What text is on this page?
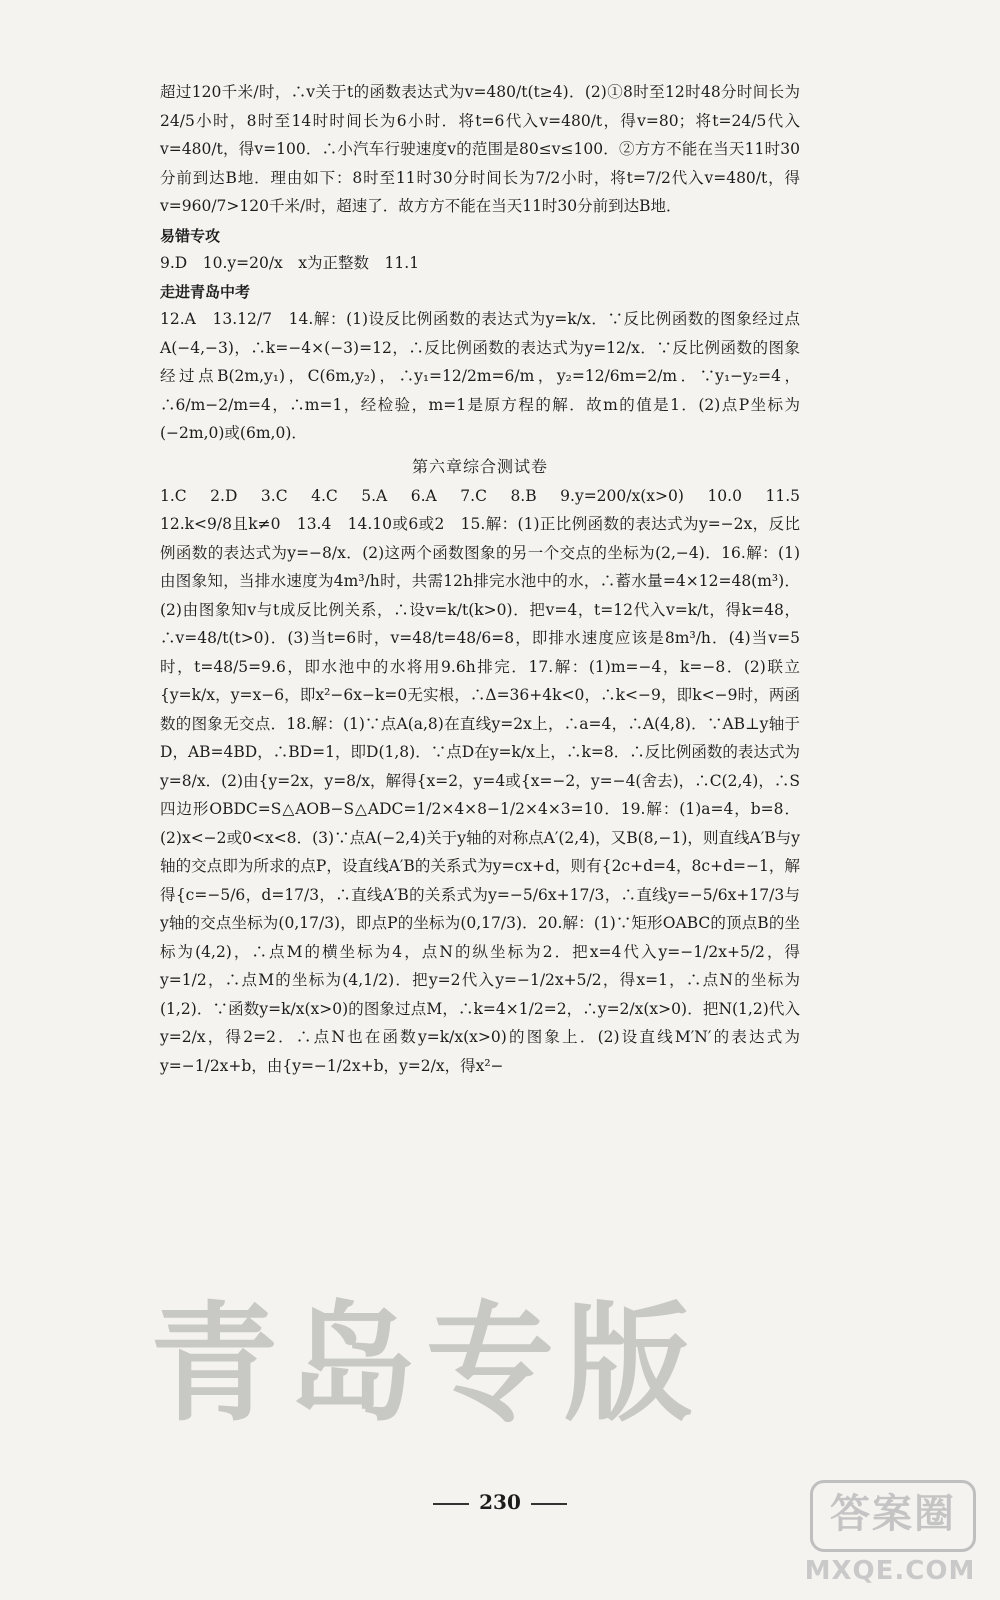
超过120千米/时，∴v关于t的函数表达式为v=480/t(t≥4)．(2)①8时至12时48分时间长为24/5小时，8时至14时时间长为6小时．将t=6代入v=480/t，得v=80；将t=24/5代入v=480/t，得v=100．∴小汽车行驶速度v的范围是80≤v≤100．②方方不能在当天11时30分前到达B地．理由如下：8时至11时30分时间长为7/2小时，将t=7/2代入v=480/t，得v=960/7>120千米/时，超速了．故方方不能在当天11时30分前到达B地．

易错专攻

9.D　10.y=20/x　x为正整数　11.1

走进青岛中考

12.A　13.12/7　14.解：(1)设反比例函数的表达式为y=k/x．∵反比例函数的图象经过点A(−4,−3)，∴k=−4×(−3)=12，∴反比例函数的表达式为y=12/x．∵反比例函数的图象经过点B(2m,y₁)，C(6m,y₂)，∴y₁=12/2m=6/m，y₂=12/6m=2/m．∵y₁−y₂=4，∴6/m−2/m=4，∴m=1，经检验，m=1是原方程的解．故m的值是1．(2)点P坐标为(−2m,0)或(6m,0)．

第六章综合测试卷

1.C　2.D　3.C　4.C　5.A　6.A　7.C　8.B　9.y=200/x(x>0)　10.0　11.5　12.k<9/8且k≠0　13.4　14.10或6或2　15.解：(1)正比例函数的表达式为y=−2x，反比例函数的表达式为y=−8/x．(2)这两个函数图象的另一个交点的坐标为(2,−4)．16.解：(1)由图象知，当排水速度为4m³/h时，共需12h排完水池中的水，∴蓄水量=4×12=48(m³)．(2)由图象知v与t成反比例关系，∴设v=k/t(k>0)．把v=4，t=12代入v=k/t，得k=48，∴v=48/t(t>0)．(3)当t=6时，v=48/t=48/6=8，即排水速度应该是8m³/h．(4)当v=5时，t=48/5=9.6，即水池中的水将用9.6h排完．17.解：(1)m=−4，k=−8．(2)联立{y=k/x，y=x−6，即x²−6x−k=0无实根，∴Δ=36+4k<0，∴k<−9，即k<−9时，两函数的图象无交点．18.解：(1)∵点A(a,8)在直线y=2x上，∴a=4，∴A(4,8)．∵AB⊥y轴于D，AB=4BD，∴BD=1，即D(1,8)．∵点D在y=k/x上，∴k=8．∴反比例函数的表达式为y=8/x．(2)由{y=2x，y=8/x，解得{x=2，y=4或{x=−2，y=−4(舍去)，∴C(2,4)，∴S四边形OBDC=S△AOB−S△ADC=1/2×4×8−1/2×4×3=10．19.解：(1)a=4，b=8．(2)x<−2或0<x<8．(3)∵点A(−2,4)关于y轴的对称点A′(2,4)，又B(8,−1)，则直线A′B与y轴的交点即为所求的点P，设直线A′B的关系式为y=cx+d，则有{2c+d=4，8c+d=−1，解得{c=−5/6，d=17/3，∴直线A′B的关系式为y=−5/6x+17/3，∴直线y=−5/6x+17/3与y轴的交点坐标为(0,17/3)，即点P的坐标为(0,17/3)．20.解：(1)∵矩形OABC的顶点B的坐标为(4,2)，∴点M的横坐标为4，点N的纵坐标为2．把x=4代入y=−1/2x+5/2，得y=1/2，∴点M的坐标为(4,1/2)．把y=2代入y=−1/2x+5/2，得x=1，∴点N的坐标为(1,2)．∵函数y=k/x(x>0)的图象过点M，∴k=4×1/2=2，∴y=2/x(x>0)．把N(1,2)代入y=2/x，得2=2．∴点N也在函数y=k/x(x>0)的图象上．(2)设直线M′N′的表达式为y=−1/2x+b，由{y=−1/2x+b，y=2/x，得x²−

青岛专版
230	答案圈
MXQE.COM
